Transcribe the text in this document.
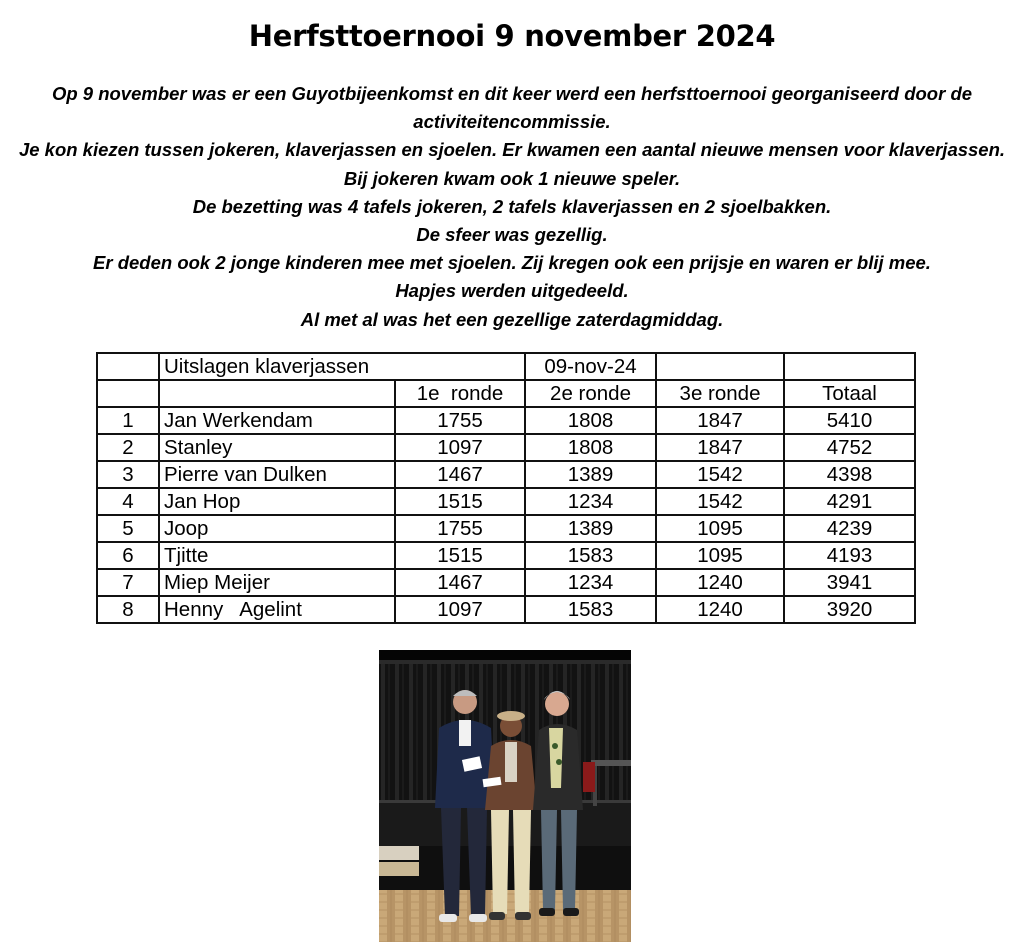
Herfsttoernooi 9 november 2024

Op 9 november was er een Guyotbijeenkomst en dit keer werd een herfsttoernooi georganiseerd door de activiteitencommissie.

Je kon kiezen tussen jokeren, klaverjassen en sjoelen. Er kwamen een aantal nieuwe mensen voor klaverjassen. Bij jokeren kwam ook 1 nieuwe speler.

De bezetting was 4 tafels jokeren, 2 tafels klaverjassen en 2 sjoelbakken.

De sfeer was gezellig.

Er deden ook 2 jonge kinderen mee met sjoelen. Zij kregen ook een prijsje en waren er blij mee.

Hapjes werden uitgedeeld.

Al met al was het een gezellige zaterdagmiddag.

	Uitslagen klaverjassen		09-nov-24		
		1e  ronde	2e ronde	3e ronde	Totaal
1	Jan Werkendam	1755	1808	1847	5410
2	Stanley	1097	1808	1847	4752
3	Pierre van Dulken	1467	1389	1542	4398
4	Jan Hop	1515	1234	1542	4291
5	Joop	1755	1389	1095	4239
6	Tjitte	1515	1583	1095	4193
7	Miep Meijer	1467	1234	1240	3941
8	Henny   Agelint	1097	1583	1240	3920
